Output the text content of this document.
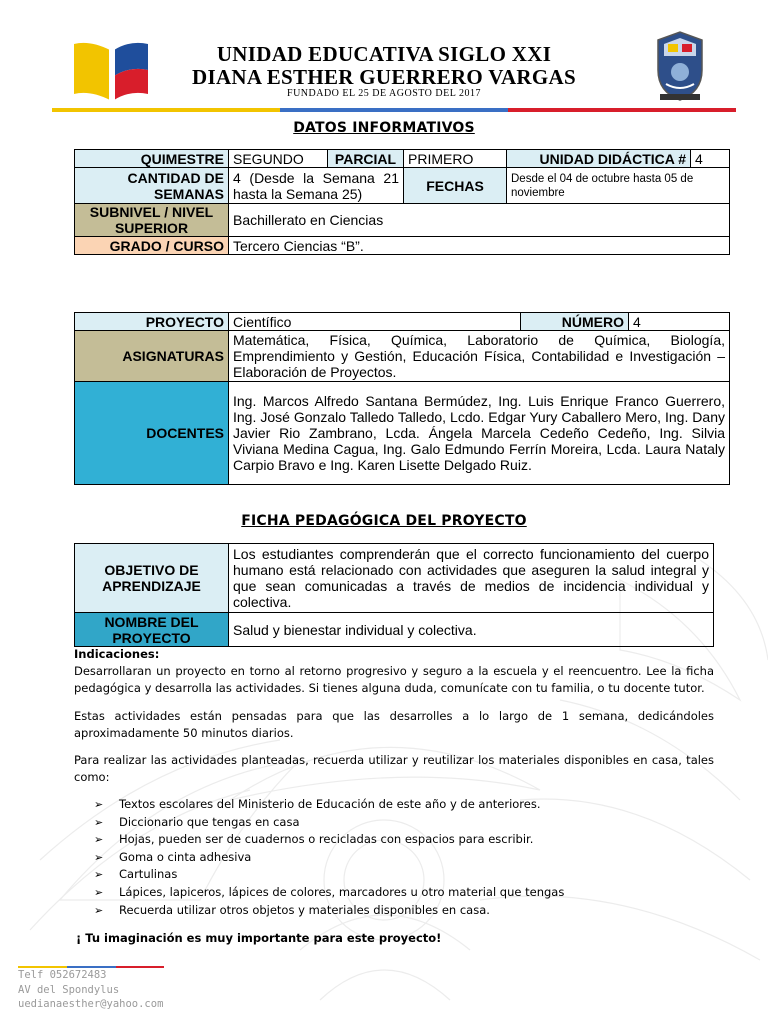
UNIDAD EDUCATIVA SIGLO XXI
DIANA ESTHER GUERRERO VARGAS
FUNDADO EL 25 DE AGOSTO DEL 2017
DATOS INFORMATIVOS
QUIMESTRE	SEGUNDO	PARCIAL	PRIMERO	UNIDAD DIDÁCTICA #	4
CANTIDAD DE SEMANAS	4 (Desde la Semana 21 hasta la Semana 25)		FECHAS	Desde el 04 de octubre hasta 05 de noviembre	
SUBNIVEL / NIVEL SUPERIOR	Bachillerato en Ciencias				
GRADO / CURSO	Tercero Ciencias “B”.				
PROYECTO	Científico	NÚMERO	4
ASIGNATURAS	Matemática, Física, Química, Laboratorio de Química, Biología, Emprendimiento y Gestión, Educación Física, Contabilidad e Investigación – Elaboración de Proyectos.		
DOCENTES	Ing. Marcos Alfredo Santana Bermúdez, Ing. Luis Enrique Franco Guerrero, Ing. José Gonzalo Talledo Talledo, Lcdo. Edgar Yury Caballero Mero, Ing. Dany Javier Rio Zambrano, Lcda. Ángela Marcela Cedeño Cedeño, Ing. Silvia Viviana Medina Cagua, Ing. Galo Edmundo Ferrín Moreira, Lcda. Laura Nataly Carpio Bravo e Ing. Karen Lisette Delgado Ruiz.		
FICHA PEDAGÓGICA DEL PROYECTO
OBJETIVO DE APRENDIZAJE	Los estudiantes comprenderán que el correcto funcionamiento del cuerpo humano está relacionado con actividades que aseguren la salud integral y que sean comunicadas a través de medios de incidencia individual y colectiva.
NOMBRE DEL PROYECTO	Salud y bienestar individual y colectiva.
Indicaciones:
Desarrollaran un proyecto en torno al retorno progresivo y seguro a la escuela y el reencuentro. Lee la ficha pedagógica y desarrolla las actividades. Si tienes alguna duda, comunícate con tu familia, o tu docente tutor.
Estas actividades están pensadas para que las desarrolles a lo largo de 1 semana, dedicándoles aproximadamente 50 minutos diarios.
Para realizar las actividades planteadas, recuerda utilizar y reutilizar los materiales disponibles en casa, tales como:
➢ Textos escolares del Ministerio de Educación de este año y de anteriores.
➢ Diccionario que tengas en casa
➢ Hojas, pueden ser de cuadernos o recicladas con espacios para escribir.
➢ Goma o cinta adhesiva
➢ Cartulinas
➢ Lápices, lapiceros, lápices de colores, marcadores u otro material que tengas
➢ Recuerda utilizar otros objetos y materiales disponibles en casa.
¡ Tu imaginación es muy importante para este proyecto!
Telf 052672483
AV del Spondylus
uedianaesther@yahoo.com
